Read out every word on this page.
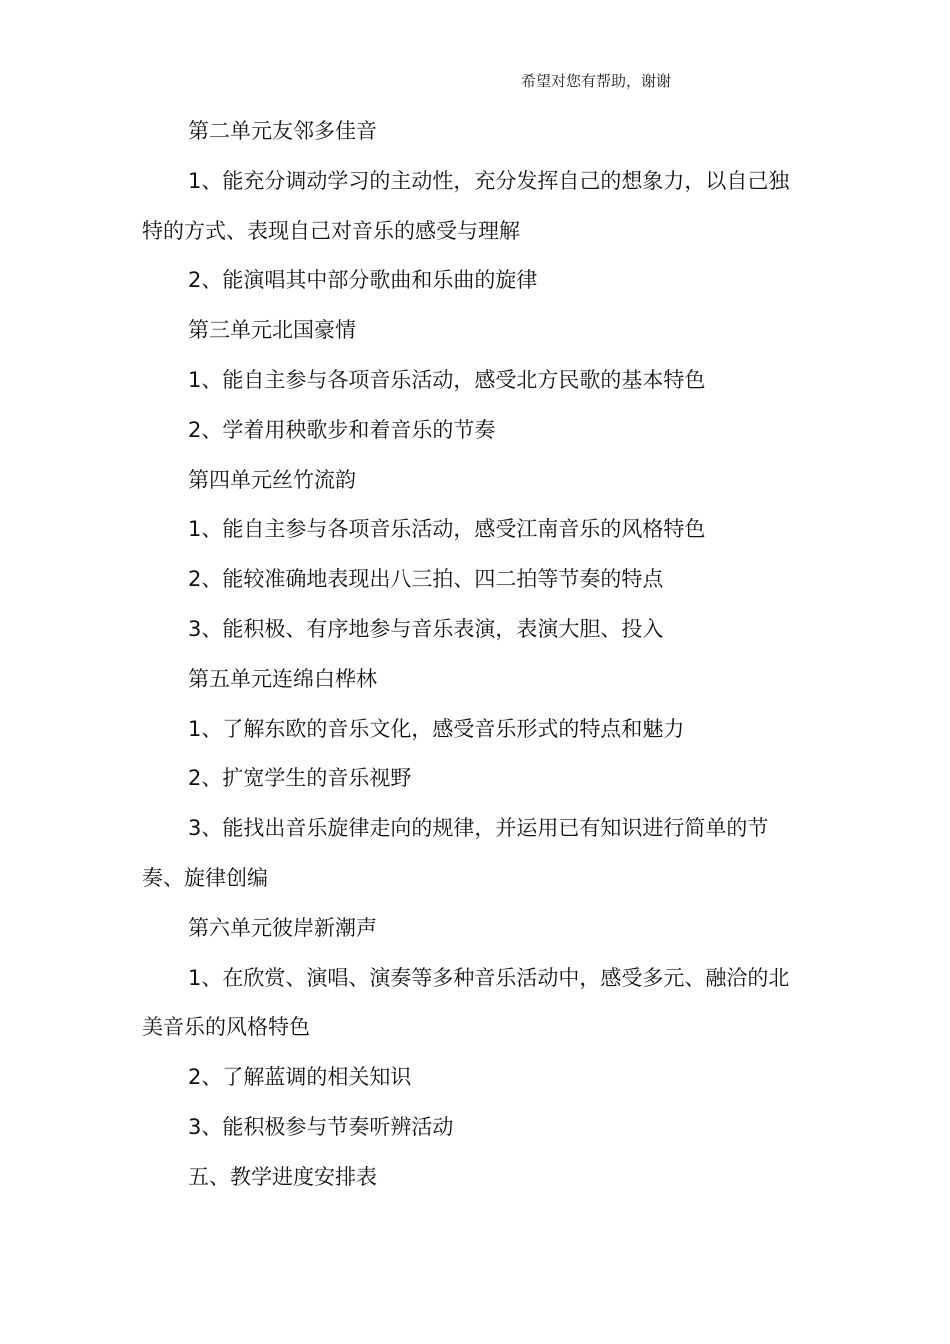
希望对您有帮助，谢谢

第二单元友邻多佳音

1、能充分调动学习的主动性，充分发挥自己的想象力，以自己独特的方式、表现自己对音乐的感受与理解

2、能演唱其中部分歌曲和乐曲的旋律

第三单元北国豪情

1、能自主参与各项音乐活动，感受北方民歌的基本特色

2、学着用秧歌步和着音乐的节奏

第四单元丝竹流韵

1、能自主参与各项音乐活动，感受江南音乐的风格特色

2、能较准确地表现出八三拍、四二拍等节奏的特点

3、能积极、有序地参与音乐表演，表演大胆、投入

第五单元连绵白桦林

1、了解东欧的音乐文化，感受音乐形式的特点和魅力

2、扩宽学生的音乐视野

3、能找出音乐旋律走向的规律，并运用已有知识进行简单的节奏、旋律创编

第六单元彼岸新潮声

1、在欣赏、演唱、演奏等多种音乐活动中，感受多元、融洽的北美音乐的风格特色

2、了解蓝调的相关知识

3、能积极参与节奏听辨活动

五、教学进度安排表
